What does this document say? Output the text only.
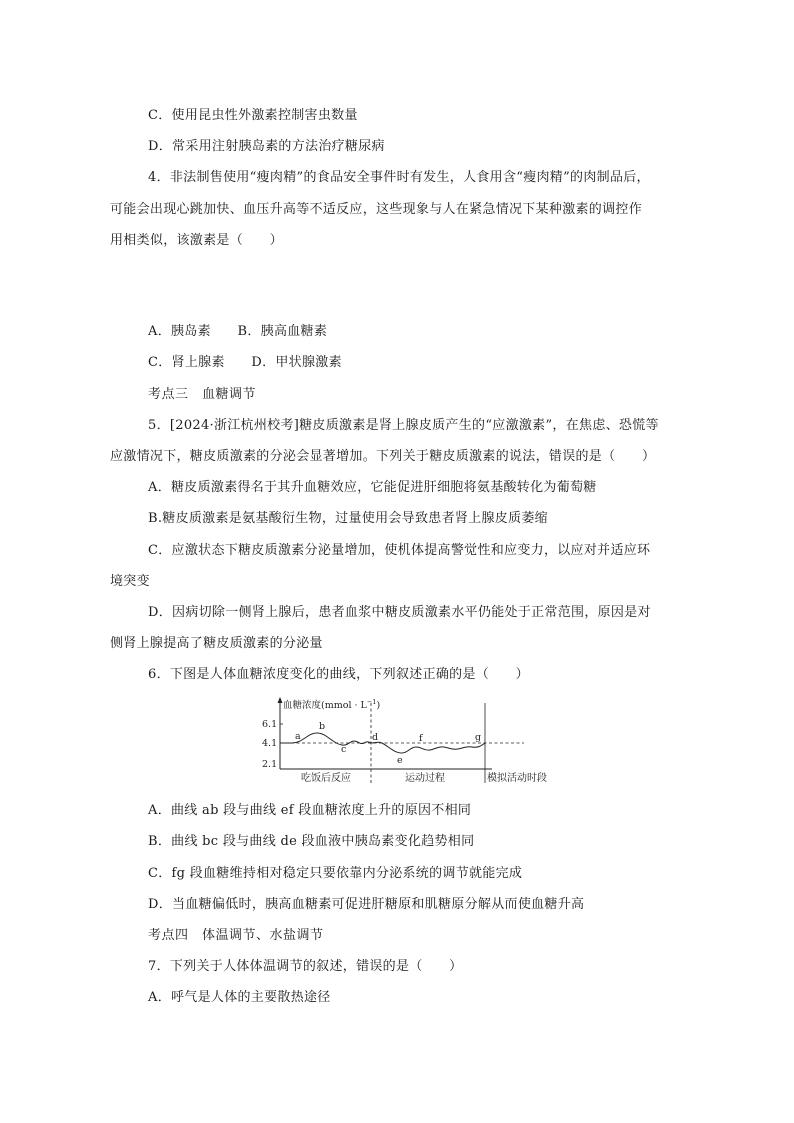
C．使用昆虫性外激素控制害虫数量
D．常采用注射胰岛素的方法治疗糖尿病
4．非法制售使用“瘦肉精”的食品安全事件时有发生，人食用含“瘦肉精”的肉制品后，
可能会出现心跳加快、血压升高等不适反应，这些现象与人在紧急情况下某种激素的调控作
用相类似，该激素是（　　）
A．胰岛素　　B．胰高血糖素
C．肾上腺素　　D．甲状腺激素
考点三　血糖调节
5．[2024·浙江杭州校考]糖皮质激素是肾上腺皮质产生的“应激激素”，在焦虑、恐慌等
应激情况下，糖皮质激素的分泌会显著增加。下列关于糖皮质激素的说法，错误的是（　　）
A．糖皮质激素得名于其升血糖效应，它能促进肝细胞将氨基酸转化为葡萄糖
B.糖皮质激素是氨基酸衍生物，过量使用会导致患者肾上腺皮质萎缩
C．应激状态下糖皮质激素分泌量增加，使机体提高警觉性和应变力，以应对并适应环
境突变
D．因病切除一侧肾上腺后，患者血浆中糖皮质激素水平仍能处于正常范围，原因是对
侧肾上腺提高了糖皮质激素的分泌量
6．下图是人体血糖浓度变化的曲线，下列叙述正确的是（　　）
A．曲线 ab 段与曲线 ef 段血糖浓度上升的原因不相同
B．曲线 bc 段与曲线 de 段血液中胰岛素变化趋势相同
C．fg 段血糖维持相对稳定只要依靠内分泌系统的调节就能完成
D．当血糖偏低时，胰高血糖素可促进肝糖原和肌糖原分解从而使血糖升高
考点四　体温调节、水盐调节
7．下列关于人体体温调节的叙述，错误的是（　　）
A．呼气是人体的主要散热途径
血糖浓度(mmol · $L^{-1}$)
6.1
4.1
2.1
a
b
c
d
e
f	g
吃饭后反应	运动过程	模拟活动时段
